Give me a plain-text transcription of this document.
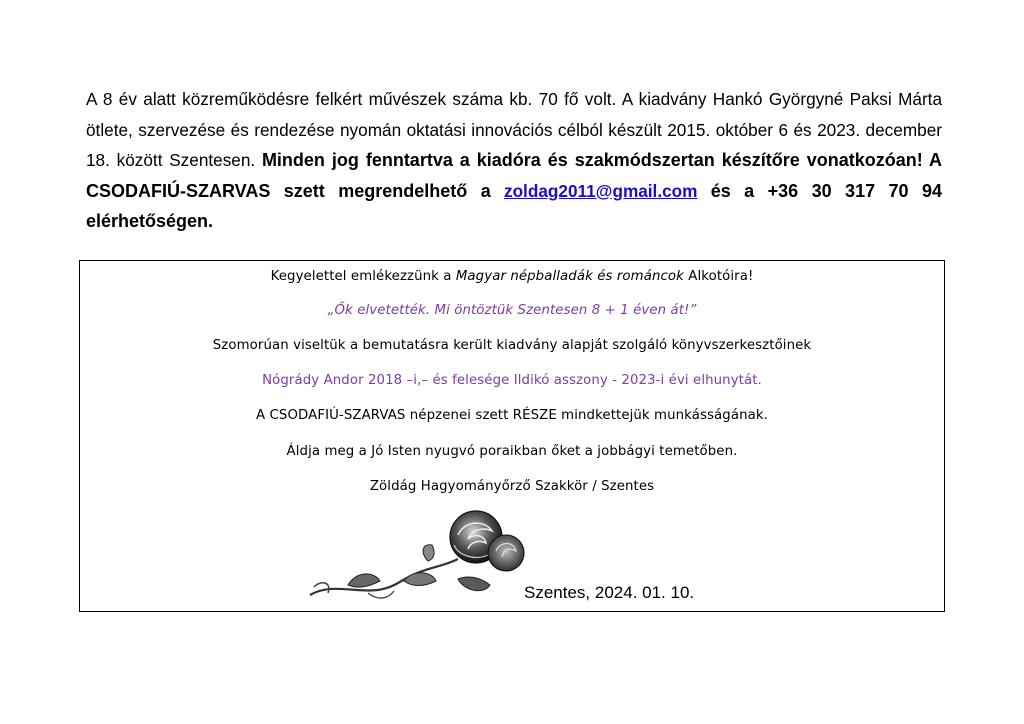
A 8 év alatt közreműködésre felkért művészek száma kb. 70 fő volt. A kiadvány Hankó Györgyné Paksi Márta ötlete, szervezése és rendezése nyomán oktatási innovációs célból készült 2015. október 6 és 2023. december 18. között Szentesen. Minden jog fenntartva a kiadóra és szakmódszertan készítőre vonatkozóan! A CSODAFIÚ-SZARVAS szett megrendelhető a zoldag2011@gmail.com és a +36 30 317 70 94 elérhetőségen.
Kegyelettel emlékezzünk a Magyar népballadák és románcok Alkotóira!
„Ők elvetették. Mi öntöztük Szentesen 8 + 1 éven át!”
Szomorúan viseltük a bemutatásra került kiadvány alapját szolgáló könyvszerkesztőinek
Nógrády Andor 2018 –i,– és felesége Ildikó asszony - 2023-i évi elhunytát.
A CSODAFIÚ-SZARVAS népzenei szett RÉSZE mindkettejük munkásságának.
Áldja meg a Jó Isten nyugvó poraikban őket a jobbágyi temetőben.
Zöldág Hagyományőrző Szakkör / Szentes
Szentes, 2024. 01. 10.
